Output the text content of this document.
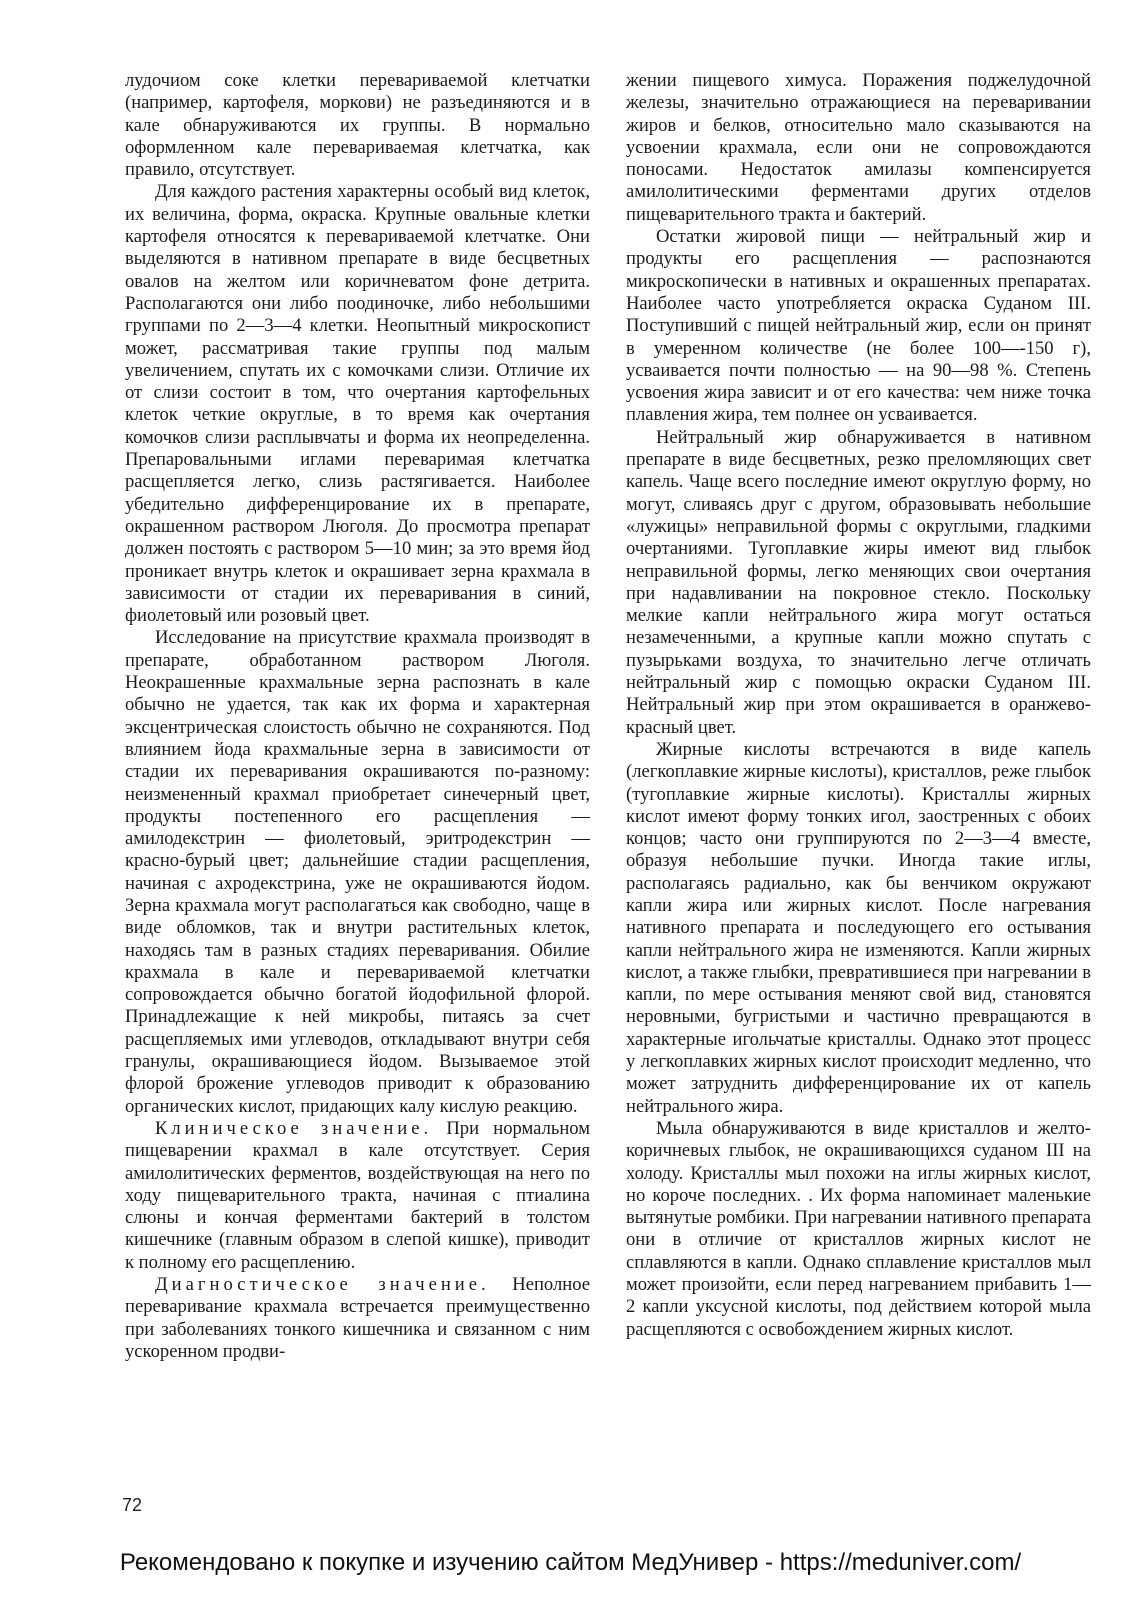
лудочиом соке клетки перевариваемой клетчатки (например, картофеля, моркови) не разъединяются и в кале обнаруживаются их группы. В нормально оформленном кале перевариваемая клетчатка, как правило, отсутствует.

Для каждого растения характерны особый вид клеток, их величина, форма, окраска. Крупные овальные клетки картофеля относятся к перевариваемой клетчатке. Они выделяются в нативном препарате в виде бесцветных овалов на желтом или коричневатом фоне детрита. Располагаются они либо поодиночке, либо небольшими группами по 2—3—4 клетки. Неопытный микроскопист может, рассматривая такие группы под малым увеличением, спутать их с комочками слизи. Отличие их от слизи состоит в том, что очертания картофельных клеток четкие округлые, в то время как очертания комочков слизи расплывчаты и форма их неопределенна. Препаровальными иглами переваримая клетчатка расщепляется легко, слизь растягивается. Наиболее убедительно дифференцирование их в препарате, окрашенном раствором Люголя. До просмотра препарат должен постоять с раствором 5—10 мин; за это время йод проникает внутрь клеток и окрашивает зерна крахмала в зависимости от стадии их переваривания в синий, фиолетовый или розовый цвет.

Исследование на присутствие крахмала производят в препарате, обработанном раствором Люголя. Неокрашенные крахмальные зерна распознать в кале обычно не удается, так как их форма и характерная эксцентрическая слоистость обычно не сохраняются. Под влиянием йода крахмальные зерна в зависимости от стадии их переваривания окрашиваются по-разному: неизмененный крахмал приобретает синечерный цвет, продукты постепенного его расщепления — амилодекстрин — фиолетовый, эритродекстрин — красно-бурый цвет; дальнейшие стадии расщепления, начиная с ахродекстрина, уже не окрашиваются йодом. Зерна крахмала могут располагаться как свободно, чаще в виде обломков, так и внутри растительных клеток, находясь там в разных стадиях переваривания. Обилие крахмала в кале и перевариваемой клетчатки сопровождается обычно богатой йодофильной флорой. Принадлежащие к ней микробы, питаясь за счет расщепляемых ими углеводов, откладывают внутри себя гранулы, окрашивающиеся йодом. Вызываемое этой флорой брожение углеводов приводит к образованию органических кислот, придающих калу кислую реакцию.

Клиническое значение. При нормальном пищеварении крахмал в кале отсутствует. Серия амилолитических ферментов, воздействующая на него по ходу пищеварительного тракта, начиная с птиалина слюны и кончая ферментами бактерий в толстом кишечнике (главным образом в слепой кишке), приводит к полному его расщеплению.

Диагностическое значение. Неполное переваривание крахмала встречается преимущественно при заболеваниях тонкого кишечника и связанном с ним ускоренном продви-

жении пищевого химуса. Поражения поджелудочной железы, значительно отражающиеся на переваривании жиров и белков, относительно мало сказываются на усвоении крахмала, если они не сопровождаются поносами. Недостаток амилазы компенсируется амилолитическими ферментами других отделов пищеварительного тракта и бактерий.

Остатки жировой пищи — нейтральный жир и продукты его расщепления — распознаются микроскопически в нативных и окрашенных препаратах. Наиболее часто употребляется окраска Суданом III. Поступивший с пищей нейтральный жир, если он принят в умеренном количестве (не более 100—-150 г), усваивается почти полностью — на 90—98 %. Степень усвоения жира зависит и от его качества: чем ниже точка плавления жира, тем полнее он усваивается.

Нейтральный жир обнаруживается в нативном препарате в виде бесцветных, резко преломляющих свет капель. Чаще всего последние имеют округлую форму, но могут, сливаясь друг с другом, образовывать небольшие «лужицы» неправильной формы с округлыми, гладкими очертаниями. Тугоплавкие жиры имеют вид глыбок неправильной формы, легко меняющих свои очертания при надавливании на покровное стекло. Поскольку мелкие капли нейтрального жира могут остаться незамеченными, а крупные капли можно спутать с пузырьками воздуха, то значительно легче отличать нейтральный жир с помощью окраски Суданом III. Нейтральный жир при этом окрашивается в оранжево-красный цвет.

Жирные кислоты встречаются в виде капель (легкоплавкие жирные кислоты), кристаллов, реже глыбок (тугоплавкие жирные кислоты). Кристаллы жирных кислот имеют форму тонких игол, заостренных с обоих концов; часто они группируются по 2—3—4 вместе, образуя небольшие пучки. Иногда такие иглы, располагаясь радиально, как бы венчиком окружают капли жира или жирных кислот. После нагревания нативного препарата и последующего его остывания капли нейтрального жира не изменяются. Капли жирных кислот, а также глыбки, превратившиеся при нагревании в капли, по мере остывания меняют свой вид, становятся неровными, бугристыми и частично превращаются в характерные игольчатые кристаллы. Однако этот процесс у легкоплавких жирных кислот происходит медленно, что может затруднить дифференцирование их от капель нейтрального жира.

Мыла обнаруживаются в виде кристаллов и желто-коричневых глыбок, не окрашивающихся суданом III на холоду. Кристаллы мыл похожи на иглы жирных кислот, но короче последних. . Их форма напоминает маленькие вытянутые ромбики. При нагревании нативного препарата они в отличие от кристаллов жирных кислот не сплавляются в капли. Однако сплавление кристаллов мыл может произойти, если перед нагреванием прибавить 1—2 капли уксусной кислоты, под действием которой мыла расщепляются с освобождением жирных кислот.

72
Рекомендовано к покупке и изучению сайтом МедУнивер - https://meduniver.com/
